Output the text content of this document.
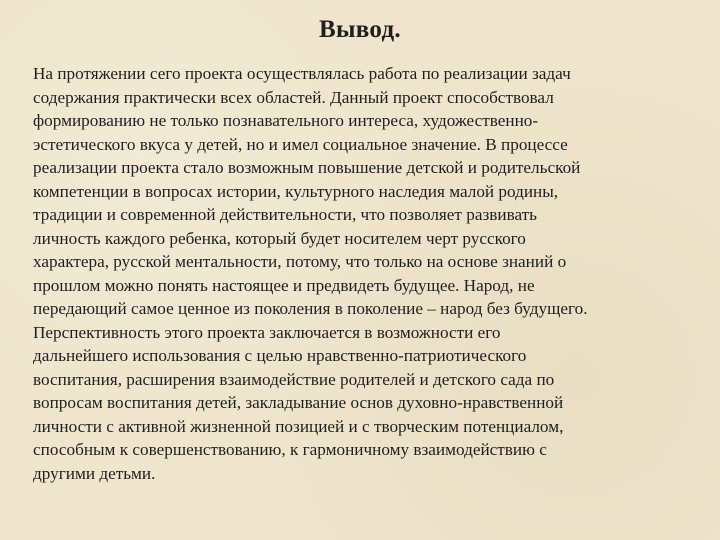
Вывод.

На протяжении сего проекта осуществлялась работа по реализации задач
содержания практически всех областей. Данный проект способствовал
формированию не только познавательного интереса, художественно-
эстетического вкуса у детей, но и имел социальное значение. В процессе
реализации проекта стало возможным повышение детской и родительской
компетенции в вопросах истории, культурного наследия малой родины,
традиции и современной действительности, что позволяет развивать
личность каждого ребенка, который будет носителем черт русского
характера, русской ментальности, потому, что только на основе знаний о
прошлом можно понять настоящее и предвидеть будущее. Народ, не
передающий самое ценное из поколения в поколение – народ без будущего.
Перспективность этого проекта заключается в возможности его
дальнейшего использования с целью нравственно-патриотического
воспитания, расширения взаимодействие родителей и детского сада по
вопросам воспитания детей, закладывание основ духовно-нравственной
личности с активной жизненной позицией и с творческим потенциалом,
способным к совершенствованию, к гармоничному взаимодействию с
другими детьми.
